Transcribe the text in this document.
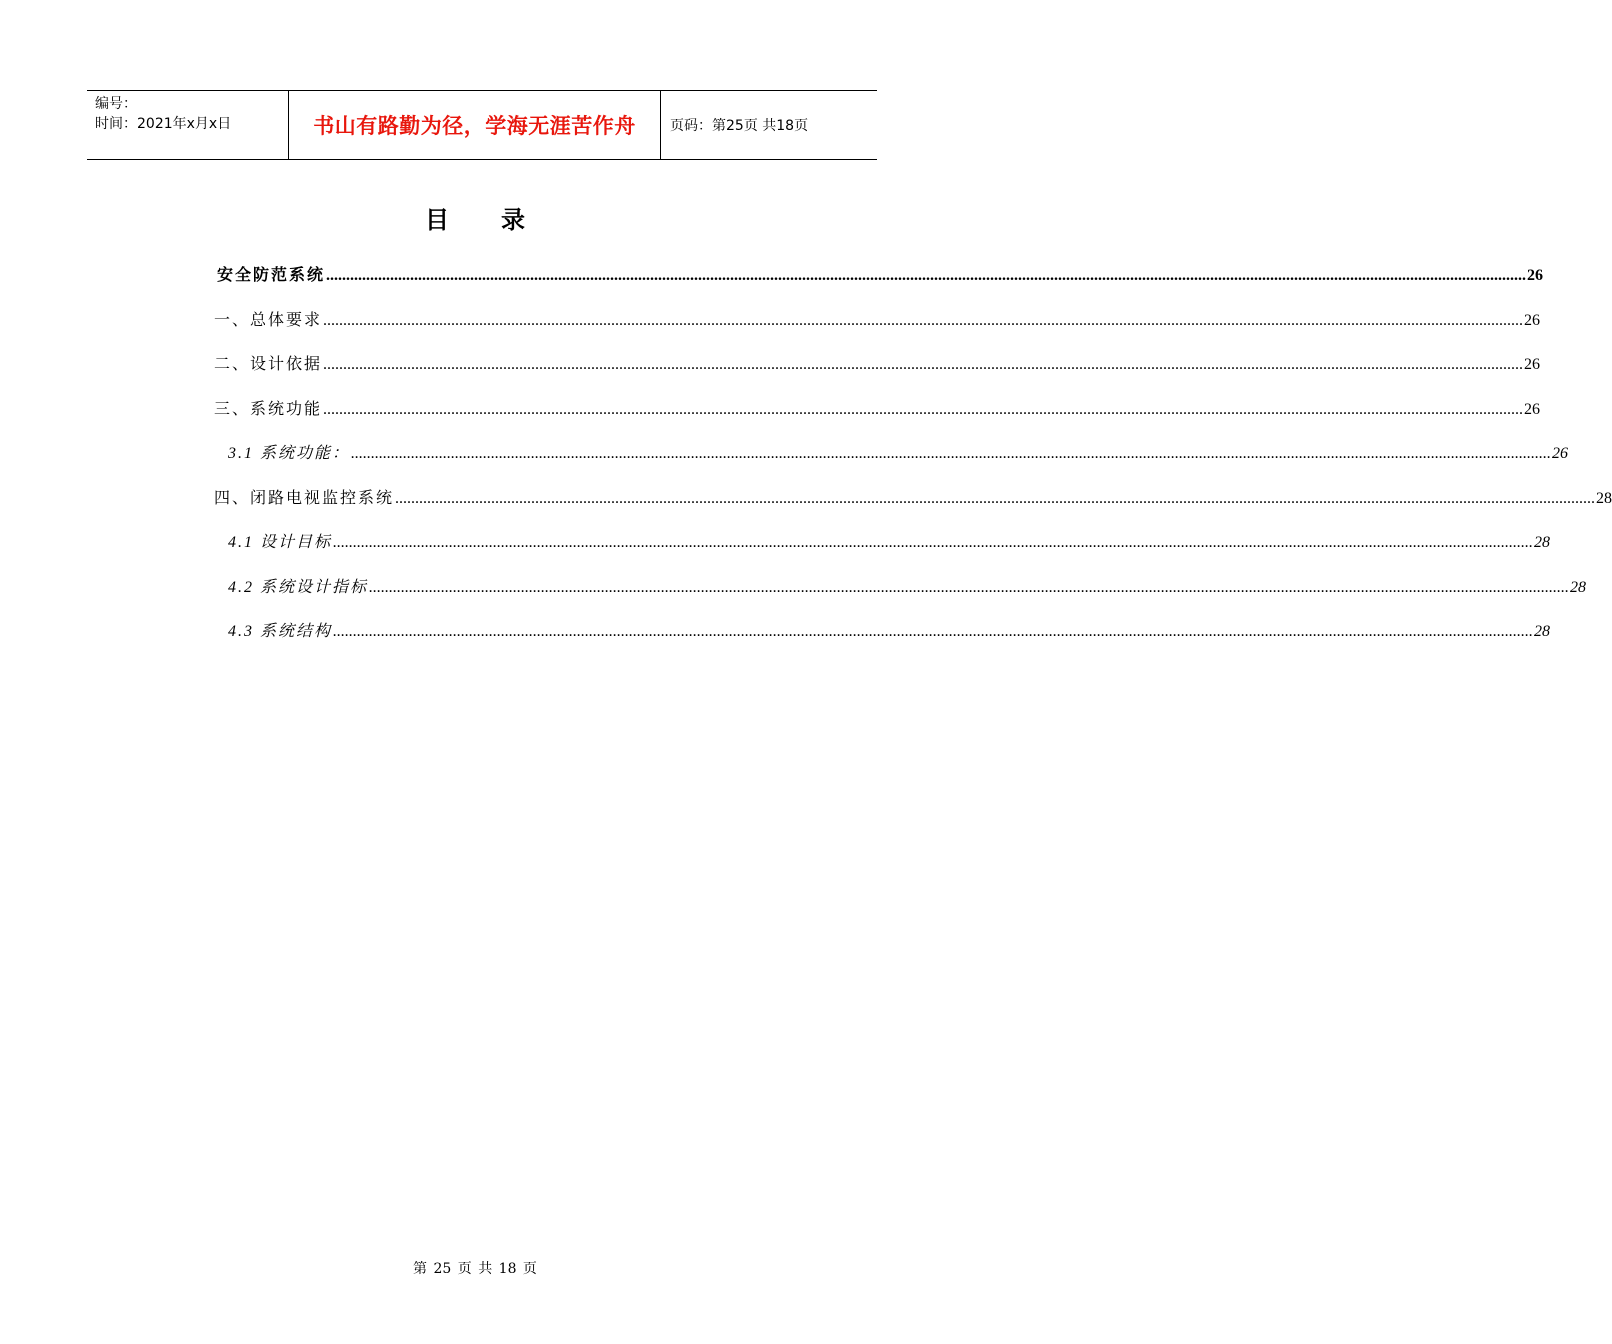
编号：
时间：2021年x月x日	书山有路勤为径，学海无涯苦作舟	页码：第25页 共18页
目录
安全防范系统 ............................................................................................................................................................................................................................................................................................................ 26
一、总体要求 ............................................................................................................................................................................................................................................................................................................ 26
二、设计依据 ............................................................................................................................................................................................................................................................................................................ 26
三、系统功能 ............................................................................................................................................................................................................................................................................................................ 26
3.1 系统功能： ............................................................................................................................................................................................................................................................................................................ 26
四、闭路电视监控系统 ............................................................................................................................................................................................................................................................................................................ 28
4.1 设计目标 ............................................................................................................................................................................................................................................................................................................ 28
4.2 系统设计指标 ............................................................................................................................................................................................................................................................................................................ 28
4.3 系统结构 ............................................................................................................................................................................................................................................................................................................ 28
第 25 页 共 18 页
